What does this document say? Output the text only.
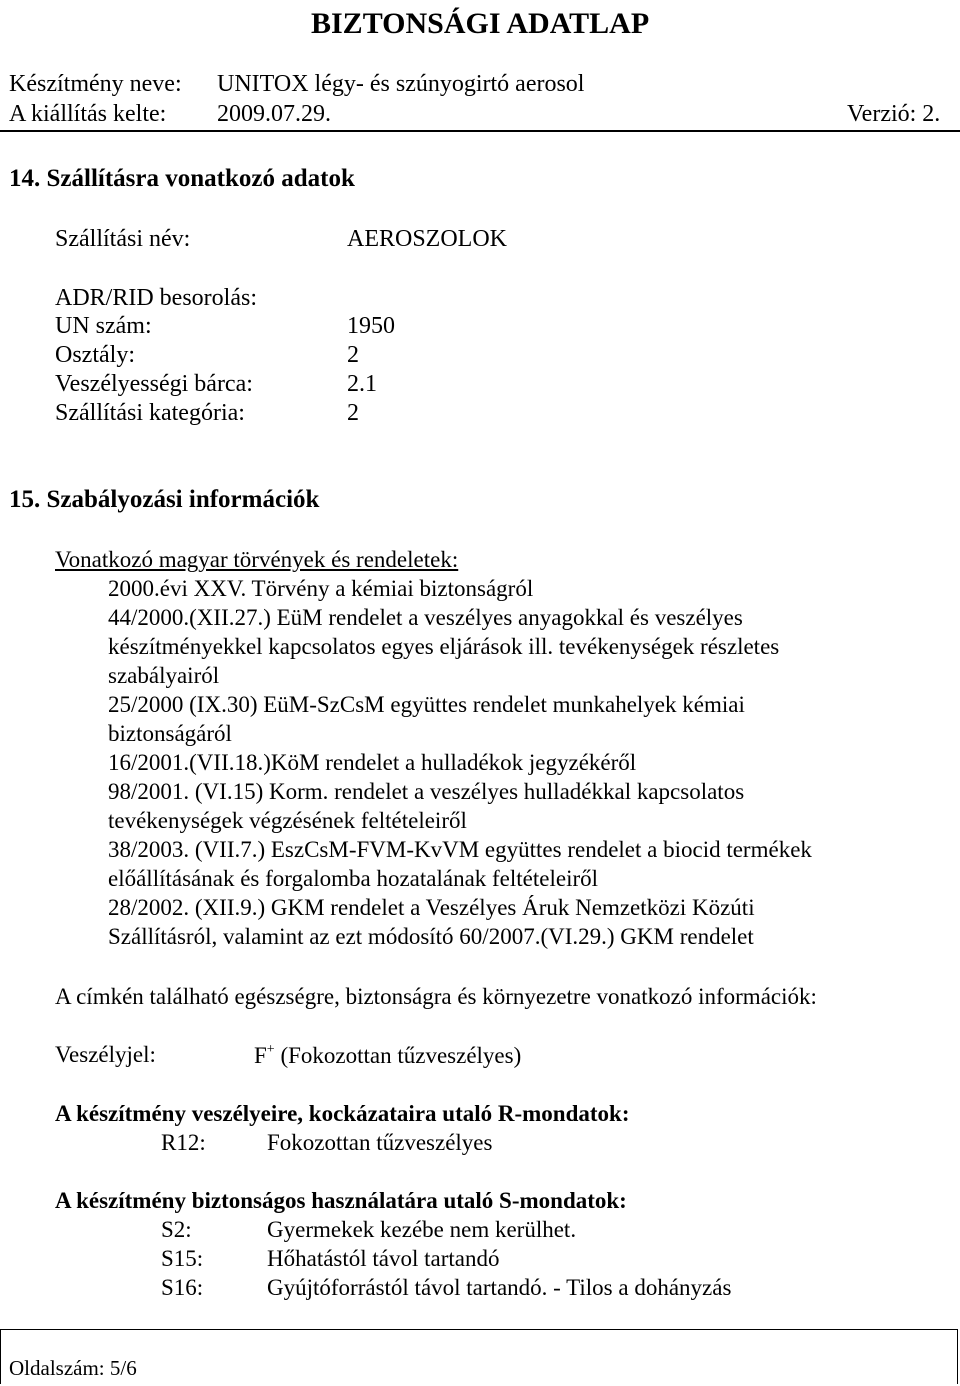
BIZTONSÁGI ADATLAP
Készítmény neve: UNITOX légy- és szúnyogirtó aerosol
A kiállítás kelte: 2009.07.29.	Verzió: 2.
14. Szállításra vonatkozó adatok
Szállítási név:	AEROSZOLOK
ADR/RID besorolás:
UN szám:	1950
Osztály:	2
Veszélyességi bárca:	2.1
Szállítási kategória:	2
15. Szabályozási információk
Vonatkozó magyar törvények és rendeletek:
2000.évi XXV. Törvény a kémiai biztonságról
44/2000.(XII.27.) EüM rendelet a veszélyes anyagokkal és veszélyes
készítményekkel kapcsolatos egyes eljárások ill. tevékenységek részletes
szabályairól
25/2000 (IX.30) EüM-SzCsM együttes rendelet munkahelyek kémiai
biztonságáról
16/2001.(VII.18.)KöM rendelet a hulladékok jegyzékéről
98/2001. (VI.15) Korm. rendelet a veszélyes hulladékkal kapcsolatos
tevékenységek végzésének feltételeiről
38/2003. (VII.7.) EszCsM-FVM-KvVM együttes rendelet a biocid termékek
előállításának és forgalomba hozatalának feltételeiről
28/2002. (XII.9.) GKM rendelet a Veszélyes Áruk Nemzetközi Közúti
Szállításról, valamint az ezt módosító 60/2007.(VI.29.) GKM rendelet
A címkén található egészségre, biztonságra és környezetre vonatkozó információk:
Veszélyjel:	F+ (Fokozottan tűzveszélyes)
A készítmény veszélyeire, kockázataira utaló R-mondatok:
R12:	Fokozottan tűzveszélyes
A készítmény biztonságos használatára utaló S-mondatok:
S2:	Gyermekek kezébe nem kerülhet.
S15:	Hőhatástól távol tartandó
S16:	Gyújtóforrástól távol tartandó. - Tilos a dohányzás
Oldalszám: 5/6
